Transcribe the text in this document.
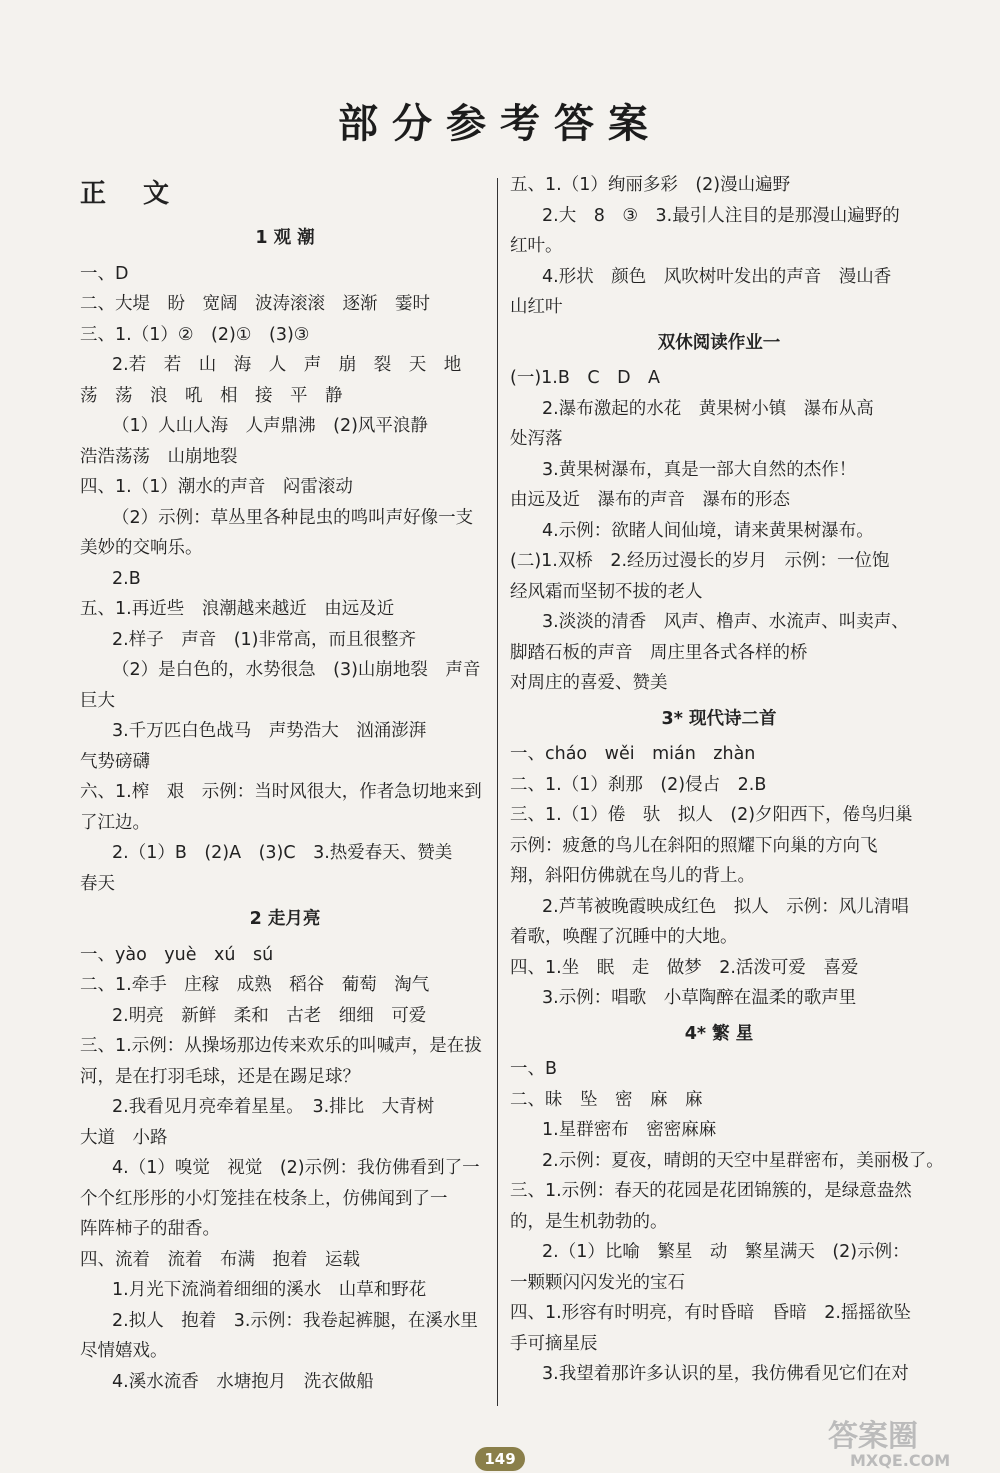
部分参考答案
正 文
1 观 潮
一、D
二、大堤　盼　宽阔　波涛滚滚　逐渐　霎时
三、1.（1）②　(2)①　(3)③
2.若　若　山　海　人　声　崩　裂　天　地
荡　荡　浪　吼　相　接　平　静
（1）人山人海　人声鼎沸　(2)风平浪静
浩浩荡荡　山崩地裂
四、1.（1）潮水的声音　闷雷滚动
（2）示例：草丛里各种昆虫的鸣叫声好像一支
美妙的交响乐。
2.B
五、1.再近些　浪潮越来越近　由远及近
2.样子　声音　(1)非常高，而且很整齐
（2）是白色的，水势很急　(3)山崩地裂　声音
巨大
3.千万匹白色战马　声势浩大　汹涌澎湃
气势磅礴
六、1.榨　艰　示例：当时风很大，作者急切地来到
了江边。
2.（1）B　(2)A　(3)C　3.热爱春天、赞美
春天
2 走月亮
一、yào　yuè　xú　sú
二、1.牵手　庄稼　成熟　稻谷　葡萄　淘气
2.明亮　新鲜　柔和　古老　细细　可爱
三、1.示例：从操场那边传来欢乐的叫喊声，是在拔
河，是在打羽毛球，还是在踢足球？
2.我看见月亮牵着星星。　3.排比　大青树
大道　小路
4.（1）嗅觉　视觉　(2)示例：我仿佛看到了一
个个红彤彤的小灯笼挂在枝条上，仿佛闻到了一
阵阵柿子的甜香。
四、流着　流着　布满　抱着　运载
1.月光下流淌着细细的溪水　山草和野花
2.拟人　抱着　3.示例：我卷起裤腿，在溪水里
尽情嬉戏。
4.溪水流香　水塘抱月　洗衣做船
五、1.（1）绚丽多彩　(2)漫山遍野
2.大　8　③　3.最引人注目的是那漫山遍野的
红叶。
4.形状　颜色　风吹树叶发出的声音　漫山香
山红叶
双休阅读作业一
(一)1.B　C　D　A
2.瀑布激起的水花　黄果树小镇　瀑布从高
处泻落
3.黄果树瀑布，真是一部大自然的杰作！
由远及近　瀑布的声音　瀑布的形态
4.示例：欲睹人间仙境，请来黄果树瀑布。
(二)1.双桥　2.经历过漫长的岁月　示例：一位饱
经风霜而坚韧不拔的老人
3.淡淡的清香　风声、橹声、水流声、叫卖声、
脚踏石板的声音　周庄里各式各样的桥
对周庄的喜爱、赞美
3* 现代诗二首
一、cháo　wěi　mián　zhàn
二、1.（1）刹那　(2)侵占　2.B
三、1.（1）倦　驮　拟人　(2)夕阳西下，倦鸟归巢
示例：疲惫的鸟儿在斜阳的照耀下向巢的方向飞
翔，斜阳仿佛就在鸟儿的背上。
2.芦苇被晚霞映成红色　拟人　示例：风儿清唱
着歌，唤醒了沉睡中的大地。
四、1.坐　眠　走　做梦　2.活泼可爱　喜爱
3.示例：唱歌　小草陶醉在温柔的歌声里
4* 繁 星
一、B
二、昧　坠　密　麻　麻
1.星群密布　密密麻麻
2.示例：夏夜，晴朗的天空中星群密布，美丽极了。
三、1.示例：春天的花园是花团锦簇的，是绿意盎然
的，是生机勃勃的。
2.（1）比喻　繁星　动　繁星满天　(2)示例：
一颗颗闪闪发光的宝石
四、1.形容有时明亮，有时昏暗　昏暗　2.摇摇欲坠
手可摘星辰
3.我望着那许多认识的星，我仿佛看见它们在对
149
答案圈
MXQE.COM
